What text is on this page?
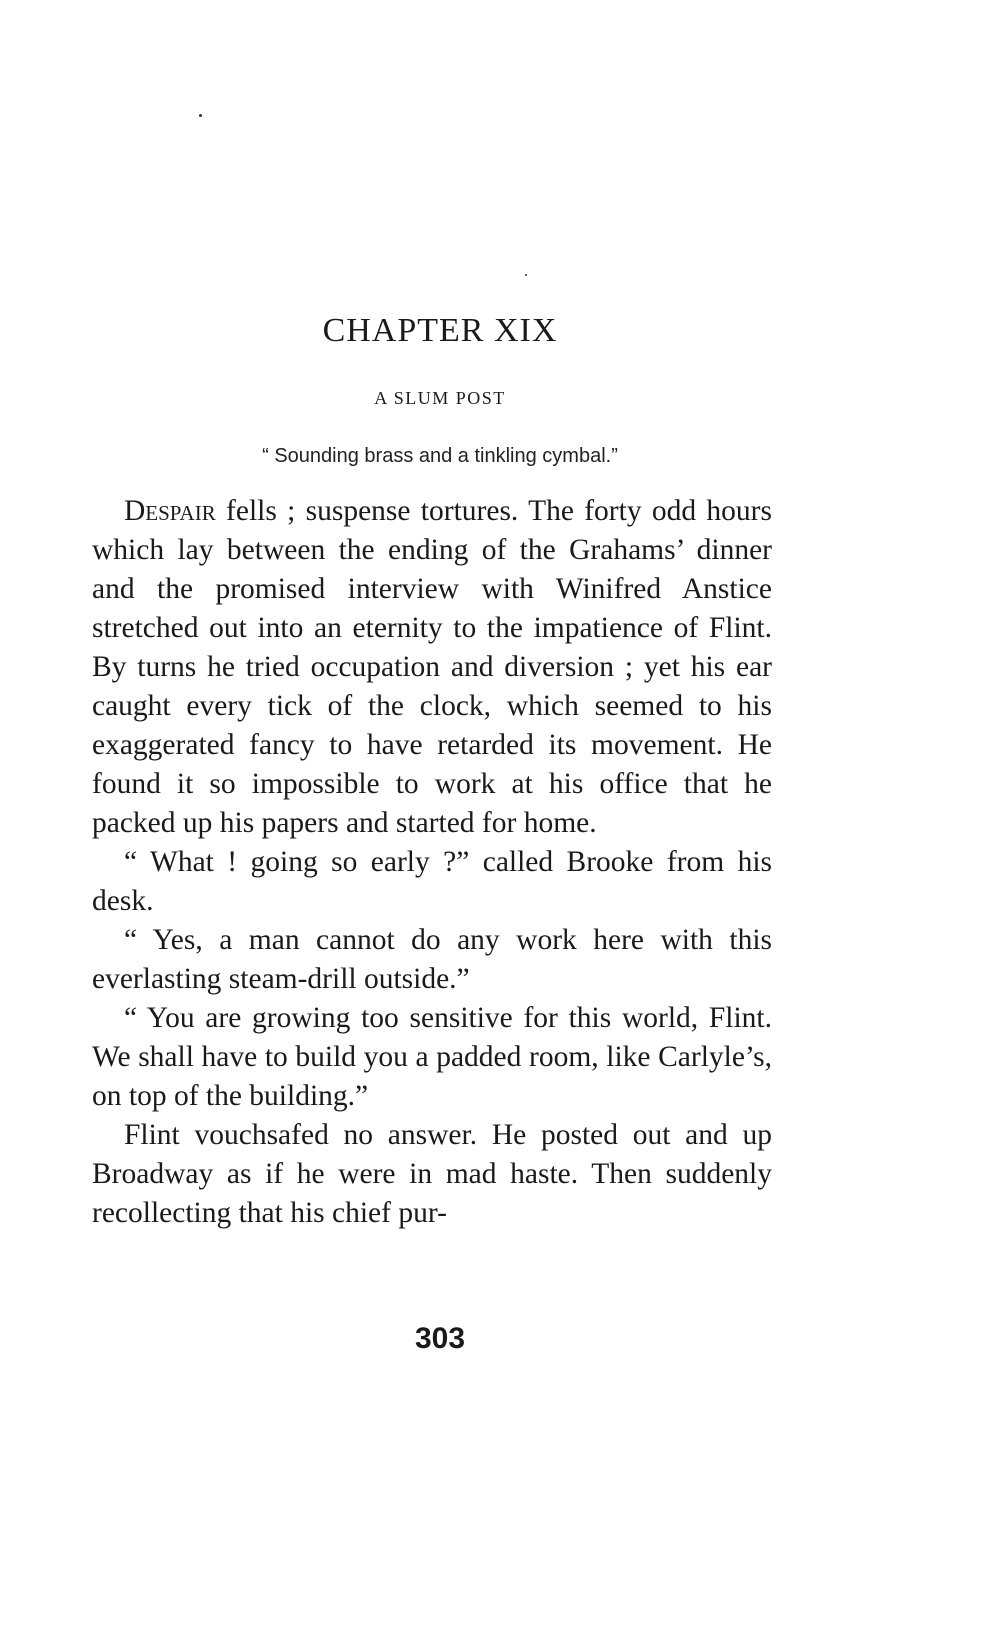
CHAPTER XIX
A SLUM POST

“ Sounding brass and a tinkling cymbal.”

Despair fells ; suspense tortures. The forty odd hours which lay between the ending of the Grahams’ dinner and the promised interview with Winifred Anstice stretched out into an eternity to the impatience of Flint. By turns he tried occupation and diversion ; yet his ear caught every tick of the clock, which seemed to his exaggerated fancy to have retarded its movement. He found it so impossible to work at his office that he packed up his papers and started for home.

“ What ! going so early ?” called Brooke from his desk.

“ Yes, a man cannot do any work here with this everlasting steam-drill outside.”

“ You are growing too sensitive for this world, Flint. We shall have to build you a padded room, like Carlyle’s, on top of the building.”

Flint vouchsafed no answer. He posted out and up Broadway as if he were in mad haste. Then suddenly recollecting that his chief pur-

303
